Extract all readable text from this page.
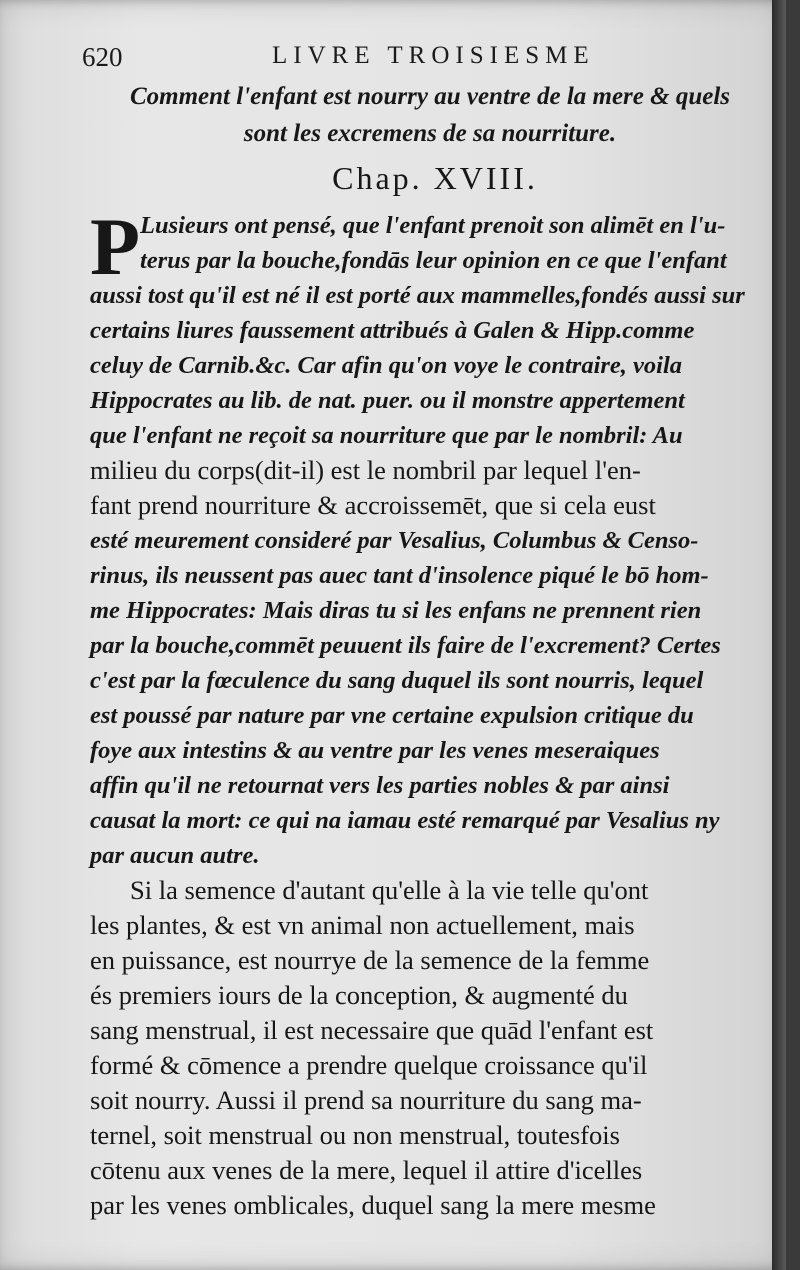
620	LIVRE TROISIESME
Comment l'enfant est nourry au ventre de la mere & quels
sont les excremens de sa nourriture.
Chap. XVIII.
P Lusieurs ont pensé, que l'enfant prenoit son alimēt en l'u-
terus par la bouche,fondās leur opinion en ce que l'enfant
aussi tost qu'il est né il est porté aux mammelles,fondés aussi sur
certains liures faussement attribués à Galen & Hipp.comme
celuy de Carnib.&c. Car afin qu'on voye le contraire, voila
Hippocrates au lib. de nat. puer. ou il monstre appertement
que l'enfant ne reçoit sa nourriture que par le nombril: Au
milieu du corps(dit-il) est le nombril par lequel l'en-
fant prend nourriture & accroissemēt, que si cela eust
esté meurement consideré par Vesalius, Columbus & Censo-
rinus, ils neussent pas auec tant d'insolence piqué le bō hom-
me Hippocrates: Mais diras tu si les enfans ne prennent rien
par la bouche,commēt peuuent ils faire de l'excrement? Certes
c'est par la fœculence du sang duquel ils sont nourris, lequel
est poussé par nature par vne certaine expulsion critique du
foye aux intestins & au ventre par les venes meseraiques
affin qu'il ne retournat vers les parties nobles & par ainsi
causat la mort: ce qui na iamau esté remarqué par Vesalius ny
par aucun autre.
Si la semence d'autant qu'elle à la vie telle qu'ont
les plantes, & est vn animal non actuellement, mais
en puissance, est nourrye de la semence de la femme
és premiers iours de la conception, & augmenté du
sang menstrual, il est necessaire que quād l'enfant est
formé & cōmence a prendre quelque croissance qu'il
soit nourry. Aussi il prend sa nourriture du sang ma-
ternel, soit menstrual ou non menstrual, toutesfois
cōtenu aux venes de la mere, lequel il attire d'icelles
par les venes omblicales, duquel sang la mere mesme
